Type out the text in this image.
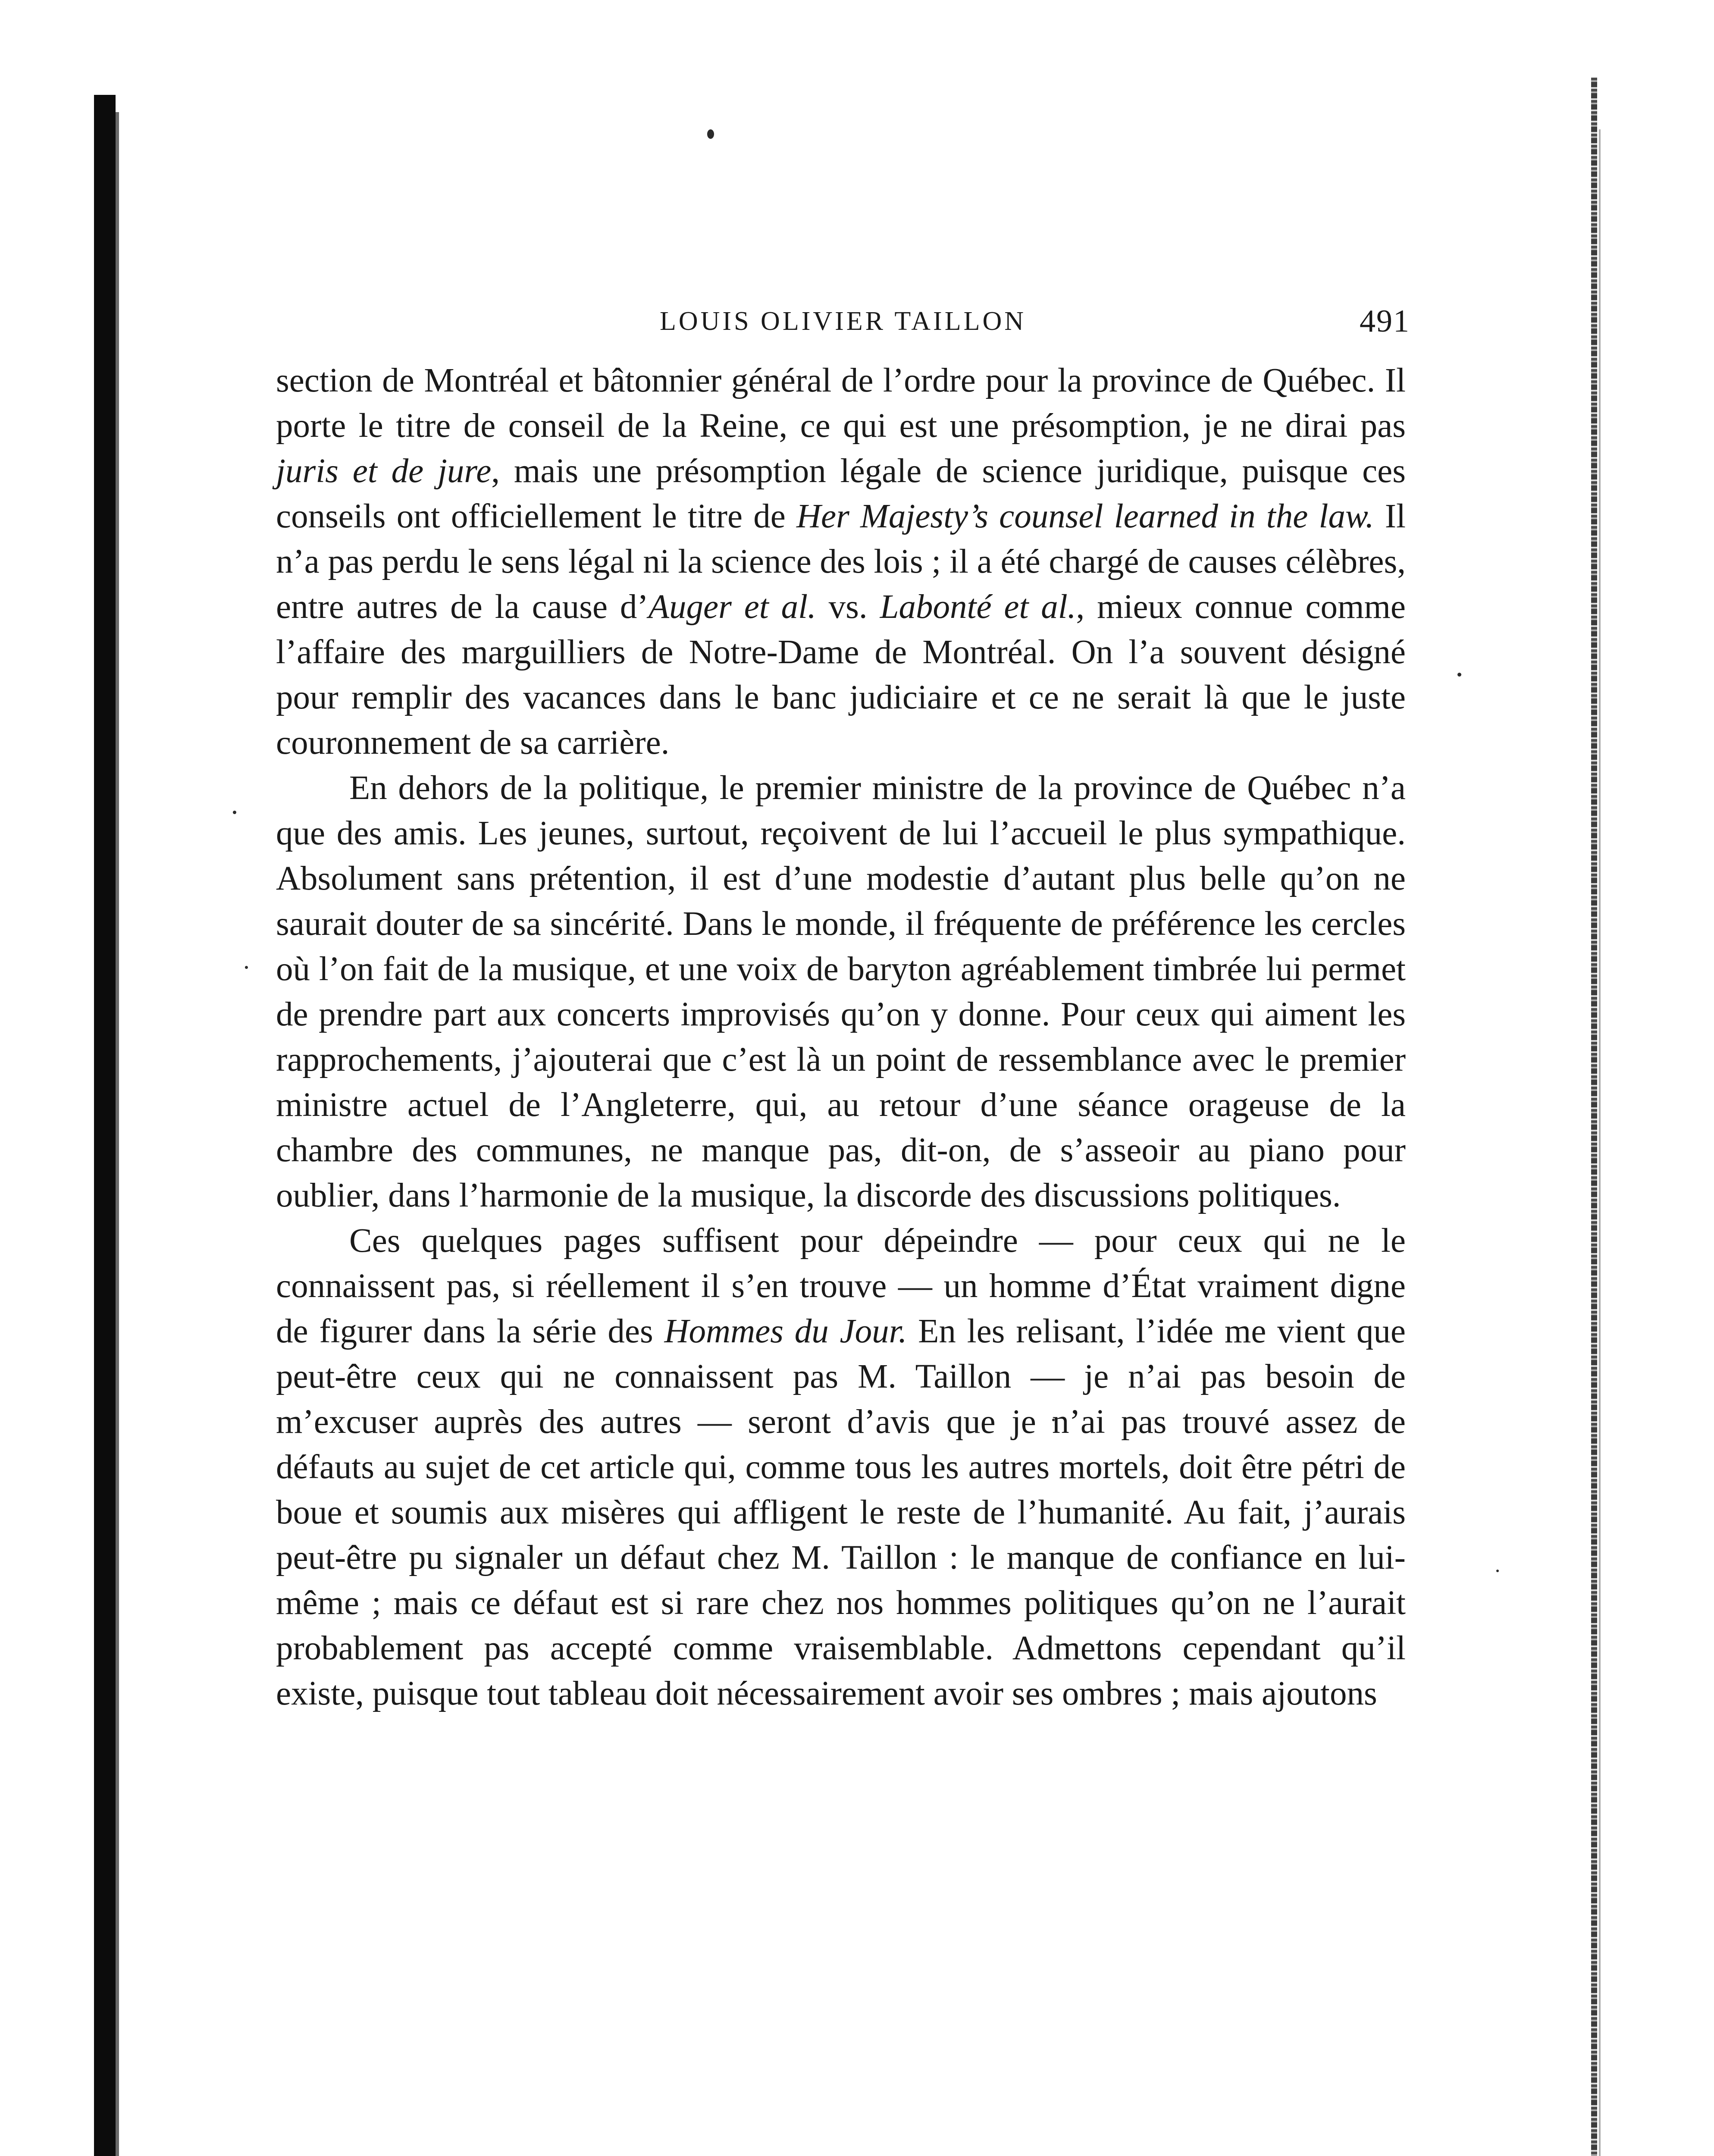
LOUIS OLIVIER TAILLON	491

section de Montréal et bâtonnier général de l’ordre pour la province de Québec. Il porte le titre de conseil de la Reine, ce qui est une présomption, je ne dirai pas juris et de jure, mais une présomption légale de science juridique, puisque ces conseils ont officiellement le titre de Her Majesty’s counsel learned in the law. Il n’a pas perdu le sens légal ni la science des lois ; il a été chargé de causes célèbres, entre autres de la cause d’Auger et al. vs. Labonté et al., mieux connue comme l’affaire des marguilliers de Notre-Dame de Montréal. On l’a souvent désigné pour remplir des vacances dans le banc judiciaire et ce ne serait là que le juste couronnement de sa carrière.

En dehors de la politique, le premier ministre de la province de Québec n’a que des amis. Les jeunes, surtout, reçoivent de lui l’accueil le plus sympathique. Absolument sans prétention, il est d’une modestie d’autant plus belle qu’on ne saurait douter de sa sincérité. Dans le monde, il fréquente de préférence les cercles où l’on fait de la musique, et une voix de baryton agréablement timbrée lui permet de prendre part aux concerts improvisés qu’on y donne. Pour ceux qui aiment les rapprochements, j’ajouterai que c’est là un point de ressemblance avec le premier ministre actuel de l’Angleterre, qui, au retour d’une séance orageuse de la chambre des communes, ne manque pas, dit-on, de s’asseoir au piano pour oublier, dans l’harmonie de la musique, la discorde des discussions politiques.

Ces quelques pages suffisent pour dépeindre — pour ceux qui ne le connaissent pas, si réellement il s’en trouve — un homme d’État vraiment digne de figurer dans la série des Hommes du Jour. En les relisant, l’idée me vient que peut-être ceux qui ne connaissent pas M. Taillon — je n’ai pas besoin de m’excuser auprès des autres — seront d’avis que je n’ai pas trouvé assez de défauts au sujet de cet article qui, comme tous les autres mortels, doit être pétri de boue et soumis aux misères qui affligent le reste de l’humanité. Au fait, j’aurais peut-être pu signaler un défaut chez M. Taillon : le manque de confiance en lui-même ; mais ce défaut est si rare chez nos hommes politiques qu’on ne l’aurait probablement pas accepté comme vraisemblable. Admettons cependant qu’il existe, puisque tout tableau doit nécessairement avoir ses ombres ; mais ajoutons
